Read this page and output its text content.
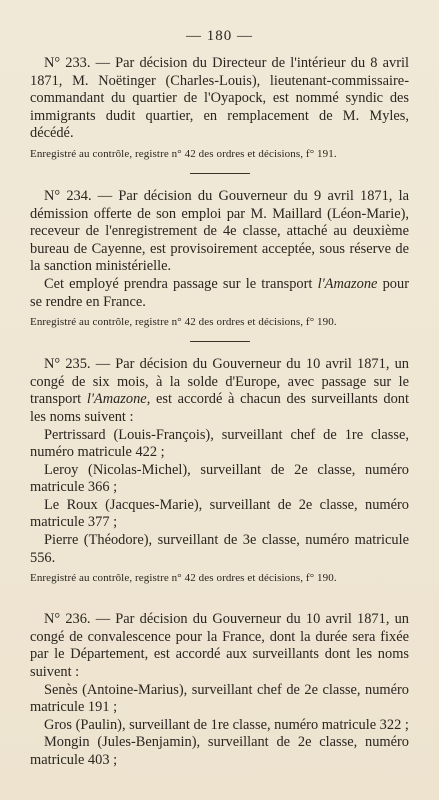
— 180 —

N° 233. — Par décision du Directeur de l'intérieur du 8 avril 1871, M. Noëtinger (Charles-Louis), lieutenant-commissaire-commandant du quartier de l'Oyapock, est nommé syndic des immigrants dudit quartier, en remplacement de M. Myles, décédé.

Enregistré au contrôle, registre n° 42 des ordres et décisions, f° 191.

N° 234. — Par décision du Gouverneur du 9 avril 1871, la démission offerte de son emploi par M. Maillard (Léon-Marie), receveur de l'enregistrement de 4e classe, attaché au deuxième bureau de Cayenne, est provisoirement acceptée, sous réserve de la sanction ministérielle.

Cet employé prendra passage sur le transport l'Amazone pour se rendre en France.

Enregistré au contrôle, registre n° 42 des ordres et décisions, f° 190.

N° 235. — Par décision du Gouverneur du 10 avril 1871, un congé de six mois, à la solde d'Europe, avec passage sur le transport l'Amazone, est accordé à chacun des surveillants dont les noms suivent :

Pertrissard (Louis-François), surveillant chef de 1re classe, numéro matricule 422 ;

Leroy (Nicolas-Michel), surveillant de 2e classe, numéro matricule 366 ;

Le Roux (Jacques-Marie), surveillant de 2e classe, numéro matricule 377 ;

Pierre (Théodore), surveillant de 3e classe, numéro matricule 556.

Enregistré au contrôle, registre n° 42 des ordres et décisions, f° 190.

N° 236. — Par décision du Gouverneur du 10 avril 1871, un congé de convalescence pour la France, dont la durée sera fixée par le Département, est accordé aux surveillants dont les noms suivent :

Senès (Antoine-Marius), surveillant chef de 2e classe, numéro matricule 191 ;

Gros (Paulin), surveillant de 1re classe, numéro matricule 322 ;

Mongin (Jules-Benjamin), surveillant de 2e classe, numéro matricule 403 ;
